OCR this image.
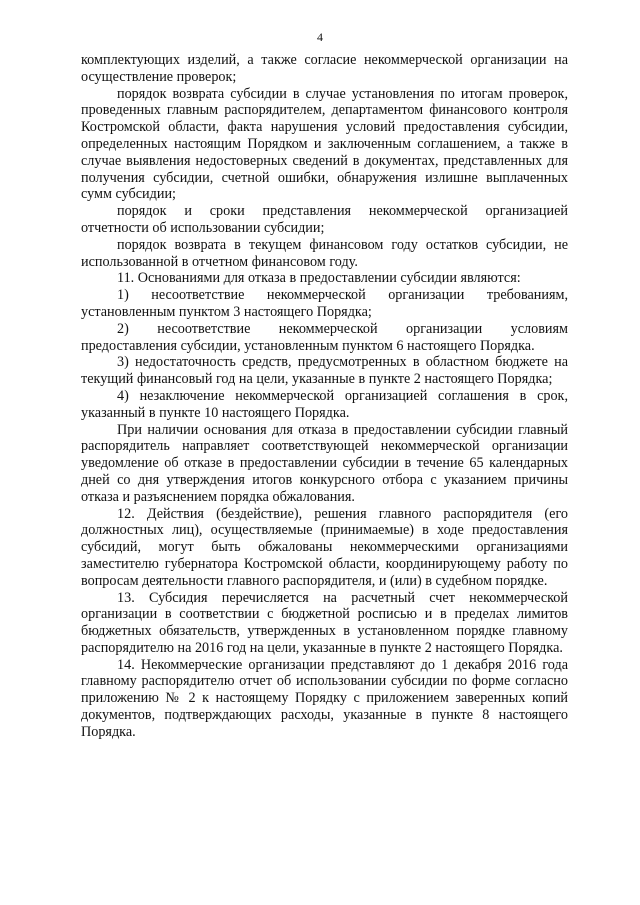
4

комплектующих изделий, а также согласие некоммерческой организации на осуществление проверок;

порядок возврата субсидии в случае установления по итогам проверок, проведенных главным распорядителем, департаментом финансового контроля Костромской области, факта нарушения условий предоставления субсидии, определенных настоящим Порядком и заключенным соглашением, а также в случае выявления недостоверных сведений в документах, представленных для получения субсидии, счетной ошибки, обнаружения излишне выплаченных сумм субсидии;

порядок и сроки представления некоммерческой организацией отчетности об использовании субсидии;

порядок возврата в текущем финансовом году остатков субсидии, не использованной в отчетном финансовом году.

11. Основаниями для отказа в предоставлении субсидии являются:

1) несоответствие некоммерческой организации требованиям, установленным пунктом 3 настоящего Порядка;

2) несоответствие некоммерческой организации условиям предоставления субсидии, установленным пунктом 6 настоящего Порядка.

3) недостаточность средств, предусмотренных в областном бюджете на текущий финансовый год на цели, указанные в пункте 2 настоящего Порядка;

4) незаключение некоммерческой организацией соглашения в срок, указанный в пункте 10 настоящего Порядка.

При наличии основания для отказа в предоставлении субсидии главный распорядитель направляет соответствующей некоммерческой организации уведомление об отказе в предоставлении субсидии в течение 65 календарных дней со дня утверждения итогов конкурсного отбора с указанием причины отказа и разъяснением порядка обжалования.

12. Действия (бездействие), решения главного распорядителя (его должностных лиц), осуществляемые (принимаемые) в ходе предоставления субсидий, могут быть обжалованы некоммерческими организациями заместителю губернатора Костромской области, координирующему работу по вопросам деятельности главного распорядителя, и (или) в судебном порядке.

13. Субсидия перечисляется на расчетный счет некоммерческой организации в соответствии с бюджетной росписью и в пределах лимитов бюджетных обязательств, утвержденных в установленном порядке главному распорядителю на 2016 год на цели, указанные в пункте 2 настоящего Порядка.

14. Некоммерческие организации представляют до 1 декабря 2016 года главному распорядителю отчет об использовании субсидии по форме согласно приложению № 2 к настоящему Порядку с приложением заверенных копий документов, подтверждающих расходы, указанные в пункте 8 настоящего Порядка.
